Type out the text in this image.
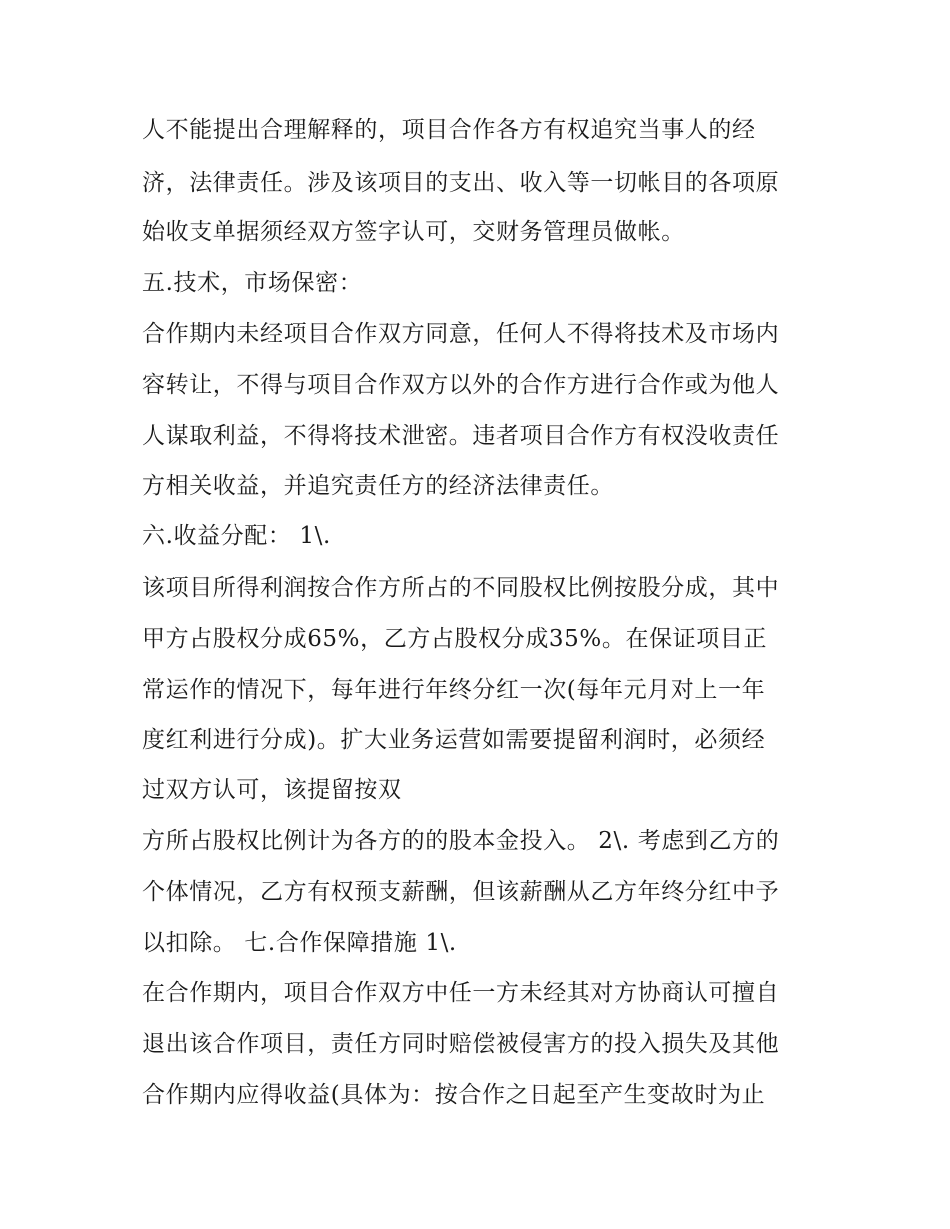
人不能提出合理解释的，项目合作各方有权追究当事人的经
济，法律责任。涉及该项目的支出、收入等一切帐目的各项原
始收支单据须经双方签字认可，交财务管理员做帐。
五.技术，市场保密：
合作期内未经项目合作双方同意，任何人不得将技术及市场内
容转让，不得与项目合作双方以外的合作方进行合作或为他人
人谋取利益，不得将技术泄密。违者项目合作方有权没收责任
方相关收益，并追究责任方的经济法律责任。
六.收益分配： 1\.
该项目所得利润按合作方所占的不同股权比例按股分成，其中
甲方占股权分成65%，乙方占股权分成35%。在保证项目正
常运作的情况下，每年进行年终分红一次(每年元月对上一年
度红利进行分成)。扩大业务运营如需要提留利润时，必须经
过双方认可，该提留按双
方所占股权比例计为各方的的股本金投入。 2\. 考虑到乙方的
个体情况，乙方有权预支薪酬，但该薪酬从乙方年终分红中予
以扣除。 七.合作保障措施 1\.
在合作期内，项目合作双方中任一方未经其对方协商认可擅自
退出该合作项目，责任方同时赔偿被侵害方的投入损失及其他
合作期内应得收益(具体为：按合作之日起至产生变故时为止
